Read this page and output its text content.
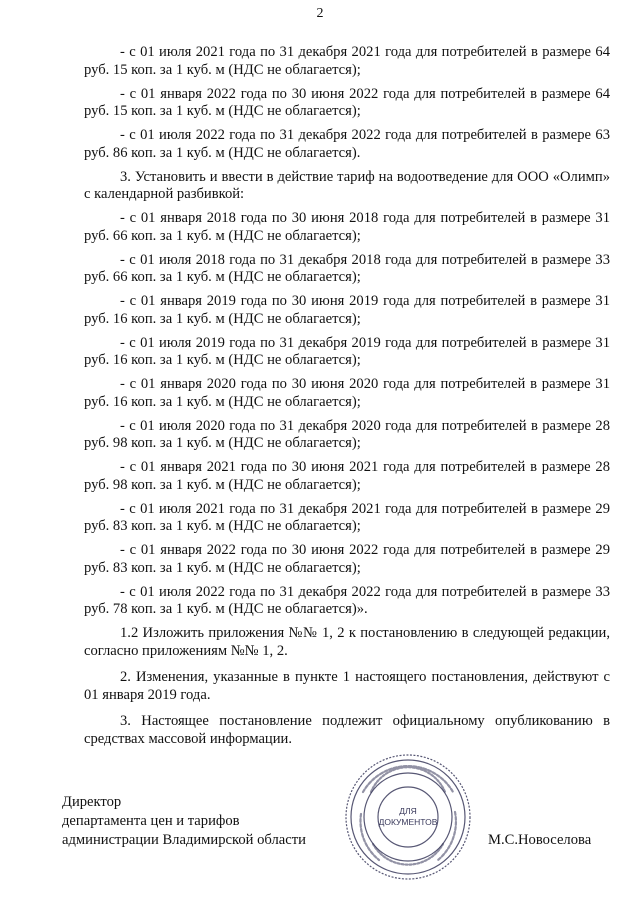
2

- с 01 июля 2021 года по 31 декабря 2021 года для потребителей в размере 64 руб. 15 коп. за 1 куб. м (НДС не облагается);

- с 01 января 2022 года по 30 июня 2022 года для потребителей в размере 64 руб. 15 коп. за 1 куб. м (НДС не облагается);

- с 01 июля 2022 года по 31 декабря 2022 года для потребителей в размере 63 руб. 86 коп. за 1 куб. м (НДС не облагается).

3. Установить и ввести в действие тариф на водоотведение для ООО «Олимп» с календарной разбивкой:

- с 01 января 2018 года по 30 июня 2018 года для потребителей в размере 31 руб. 66 коп. за 1 куб. м (НДС не облагается);

- с 01 июля 2018 года по 31 декабря 2018 года для потребителей в размере 33 руб. 66 коп. за 1 куб. м (НДС не облагается);

- с 01 января 2019 года по 30 июня 2019 года для потребителей в размере 31 руб. 16 коп. за 1 куб. м (НДС не облагается);

- с 01 июля 2019 года по 31 декабря 2019 года для потребителей в размере 31 руб. 16 коп. за 1 куб. м (НДС не облагается);

- с 01 января 2020 года по 30 июня 2020 года для потребителей в размере 31 руб. 16 коп. за 1 куб. м (НДС не облагается);

- с 01 июля 2020 года по 31 декабря 2020 года для потребителей в размере 28 руб. 98 коп. за 1 куб. м (НДС не облагается);

- с 01 января 2021 года по 30 июня 2021 года для потребителей в размере 28 руб. 98 коп. за 1 куб. м (НДС не облагается);

- с 01 июля 2021 года по 31 декабря 2021 года для потребителей в размере 29 руб. 83 коп. за 1 куб. м (НДС не облагается);

- с 01 января 2022 года по 30 июня 2022 года для потребителей в размере 29 руб. 83 коп. за 1 куб. м (НДС не облагается);

- с 01 июля 2022 года по 31 декабря 2022 года для потребителей в размере 33 руб. 78 коп. за 1 куб. м (НДС не облагается)».

1.2 Изложить приложения №№ 1, 2 к постановлению в следующей редакции, согласно приложениям №№ 1, 2.

2. Изменения, указанные в пункте 1 настоящего постановления, действуют с 01 января 2019 года.

3. Настоящее постановление подлежит официальному опубликованию в средствах массовой информации.

Директор
департамента цен и тарифов
администрации Владимирской области
ДЛЯ
ДОКУМЕНТОВ
М.С.Новоселова
